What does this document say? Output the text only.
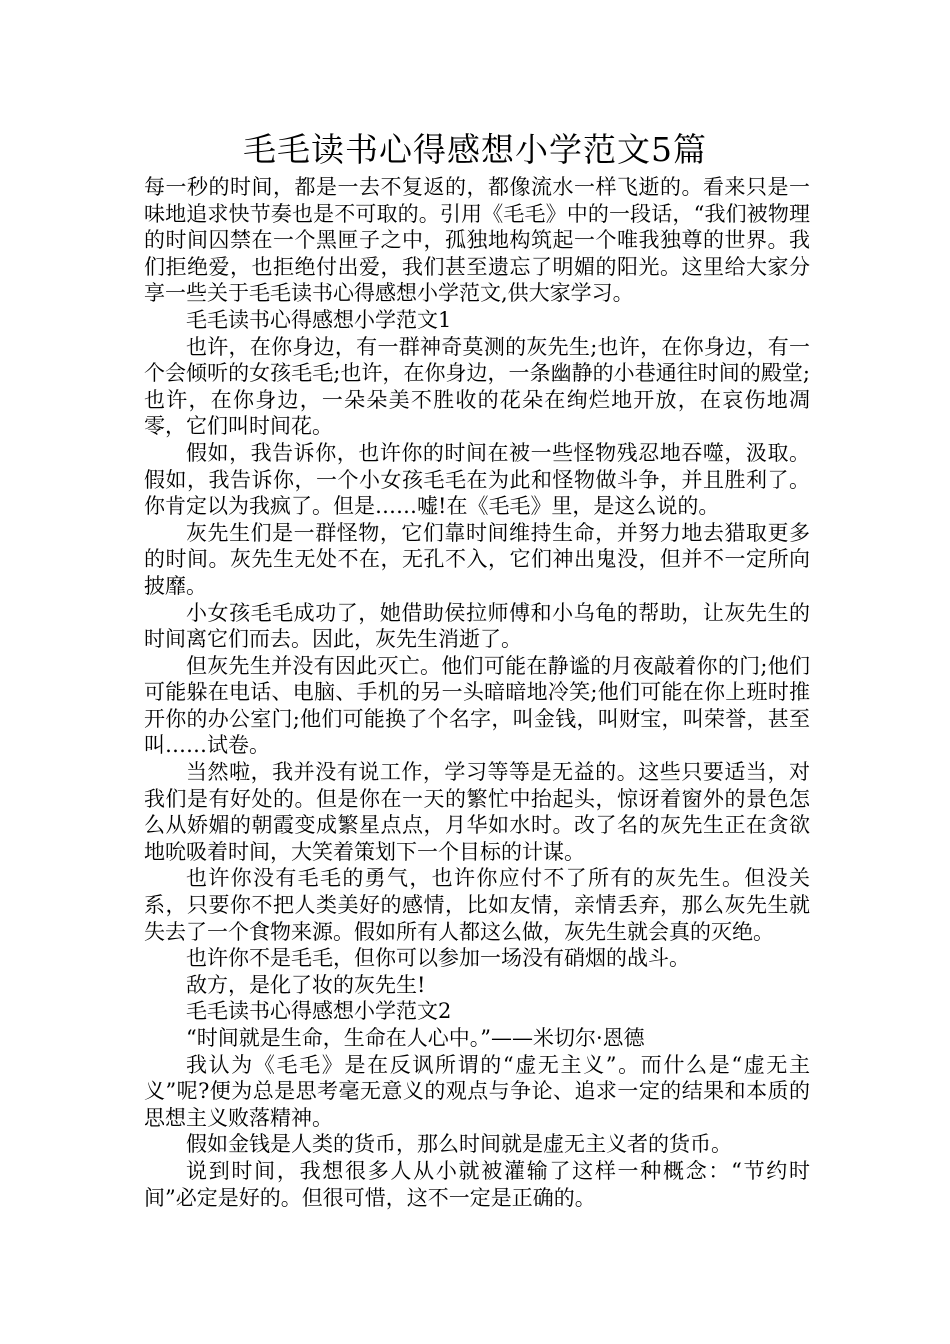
毛毛读书心得感想小学范文5篇

每一秒的时间，都是一去不复返的，都像流水一样飞逝的。看来只是一味地追求快节奏也是不可取的。引用《毛毛》中的一段话，“我们被物理的时间囚禁在一个黑匣子之中，孤独地构筑起一个唯我独尊的世界。我们拒绝爱，也拒绝付出爱，我们甚至遗忘了明媚的阳光。这里给大家分享一些关于毛毛读书心得感想小学范文,供大家学习。

毛毛读书心得感想小学范文1

也许，在你身边，有一群神奇莫测的灰先生;也许，在你身边，有一个会倾听的女孩毛毛;也许，在你身边，一条幽静的小巷通往时间的殿堂;也许，在你身边，一朵朵美不胜收的花朵在绚烂地开放，在哀伤地凋零，它们叫时间花。

假如，我告诉你，也许你的时间在被一些怪物残忍地吞噬，汲取。假如，我告诉你，一个小女孩毛毛在为此和怪物做斗争，并且胜利了。你肯定以为我疯了。但是……嘘!在《毛毛》里，是这么说的。

灰先生们是一群怪物，它们靠时间维持生命，并努力地去猎取更多的时间。灰先生无处不在，无孔不入，它们神出鬼没，但并不一定所向披靡。

小女孩毛毛成功了，她借助侯拉师傅和小乌龟的帮助，让灰先生的时间离它们而去。因此，灰先生消逝了。

但灰先生并没有因此灭亡。他们可能在静谧的月夜敲着你的门;他们可能躲在电话、电脑、手机的另一头暗暗地冷笑;他们可能在你上班时推开你的办公室门;他们可能换了个名字，叫金钱，叫财宝，叫荣誉，甚至叫……试卷。

当然啦，我并没有说工作，学习等等是无益的。这些只要适当，对我们是有好处的。但是你在一天的繁忙中抬起头，惊讶着窗外的景色怎么从娇媚的朝霞变成繁星点点，月华如水时。改了名的灰先生正在贪欲地吮吸着时间，大笑着策划下一个目标的计谋。

也许你没有毛毛的勇气，也许你应付不了所有的灰先生。但没关系，只要你不把人类美好的感情，比如友情，亲情丢弃，那么灰先生就失去了一个食物来源。假如所有人都这么做，灰先生就会真的灭绝。

也许你不是毛毛，但你可以参加一场没有硝烟的战斗。

敌方，是化了妆的灰先生!

毛毛读书心得感想小学范文2

“时间就是生命，生命在人心中。”——米切尔·恩德

我认为《毛毛》是在反讽所谓的“虚无主义”。而什么是“虚无主义”呢?便为总是思考毫无意义的观点与争论、追求一定的结果和本质的思想主义败落精神。

假如金钱是人类的货币，那么时间就是虚无主义者的货币。

说到时间，我想很多人从小就被灌输了这样一种概念：“节约时间”必定是好的。但很可惜，这不一定是正确的。
